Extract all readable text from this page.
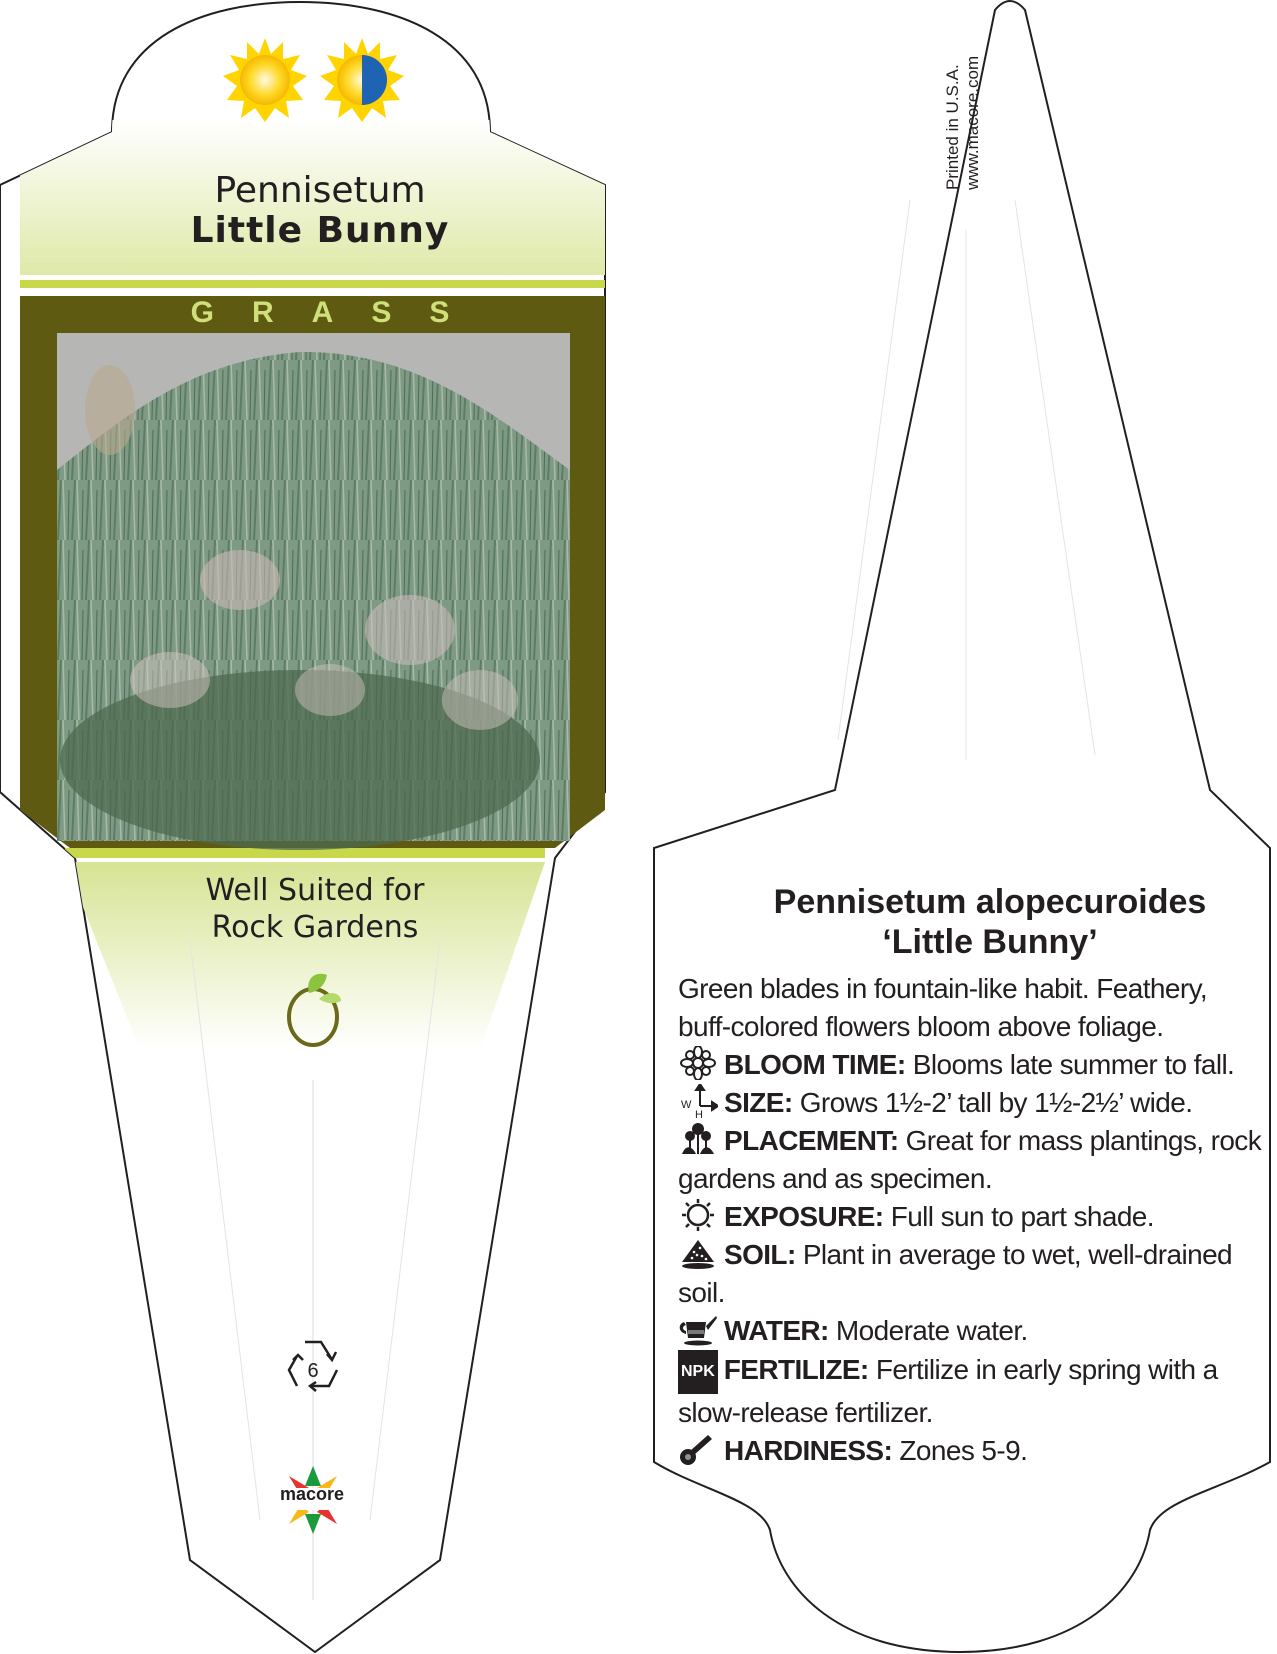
Pennisetum
Little Bunny
GRASS
Well Suited for
Rock Gardens
6
macore
Printed in U.S.A. www.macore.com
Pennisetum alopecuroides
‘Little Bunny’

Green blades in fountain-like habit. Feathery,

buff-colored flowers bloom above foliage.

BLOOM TIME: Blooms late summer to fall.

W
H SIZE: Grows 1½-2’ tall by 1½-2½’ wide.

PLACEMENT: Great for mass plantings, rock

gardens and as specimen.

EXPOSURE: Full sun to part shade.

SOIL: Plant in average to wet, well-drained soil.

WATER: Moderate water.

NPK FERTILIZE: Fertilize in early spring with a

slow-release fertilizer.

HARDINESS: Zones 5-9.
